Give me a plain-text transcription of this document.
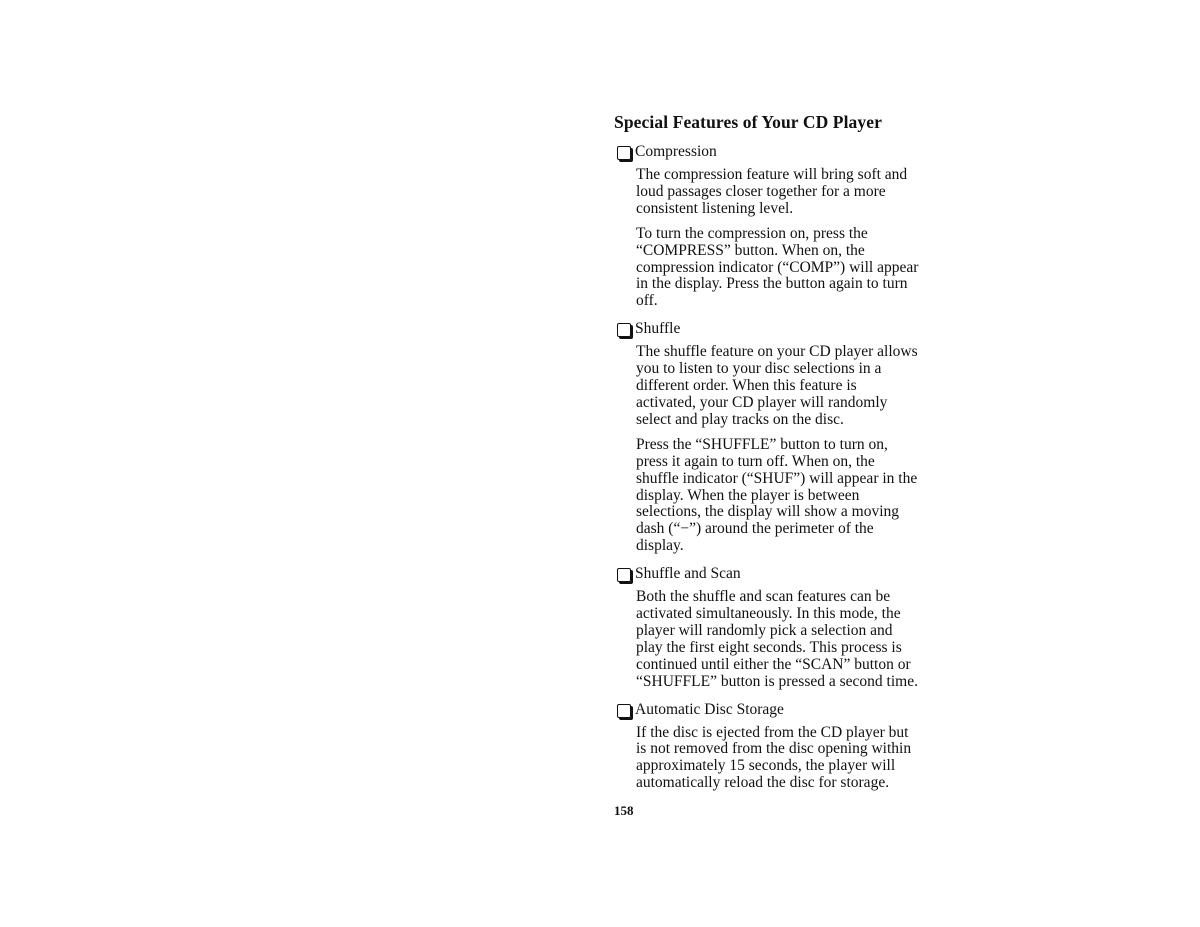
Special Features of Your CD Player
Compression

The compression feature will bring soft and
loud passages closer together for a more
consistent listening level.

To turn the compression on, press the
“COMPRESS” button. When on, the
compression indicator (“COMP”) will appear
in the display. Press the button again to turn
off.

Shuffle

The shuffle feature on your CD player allows
you to listen to your disc selections in a
different order. When this feature is
activated, your CD player will randomly
select and play tracks on the disc.

Press the “SHUFFLE” button to turn on,
press it again to turn off. When on, the
shuffle indicator (“SHUF”) will appear in the
display. When the player is between
selections, the display will show a moving
dash (“−”) around the perimeter of the
display.

Shuffle and Scan

Both the shuffle and scan features can be
activated simultaneously. In this mode, the
player will randomly pick a selection and
play the first eight seconds. This process is
continued until either the “SCAN” button or
“SHUFFLE” button is pressed a second time.

Automatic Disc Storage

If the disc is ejected from the CD player but
is not removed from the disc opening within
approximately 15 seconds, the player will
automatically reload the disc for storage.

158
